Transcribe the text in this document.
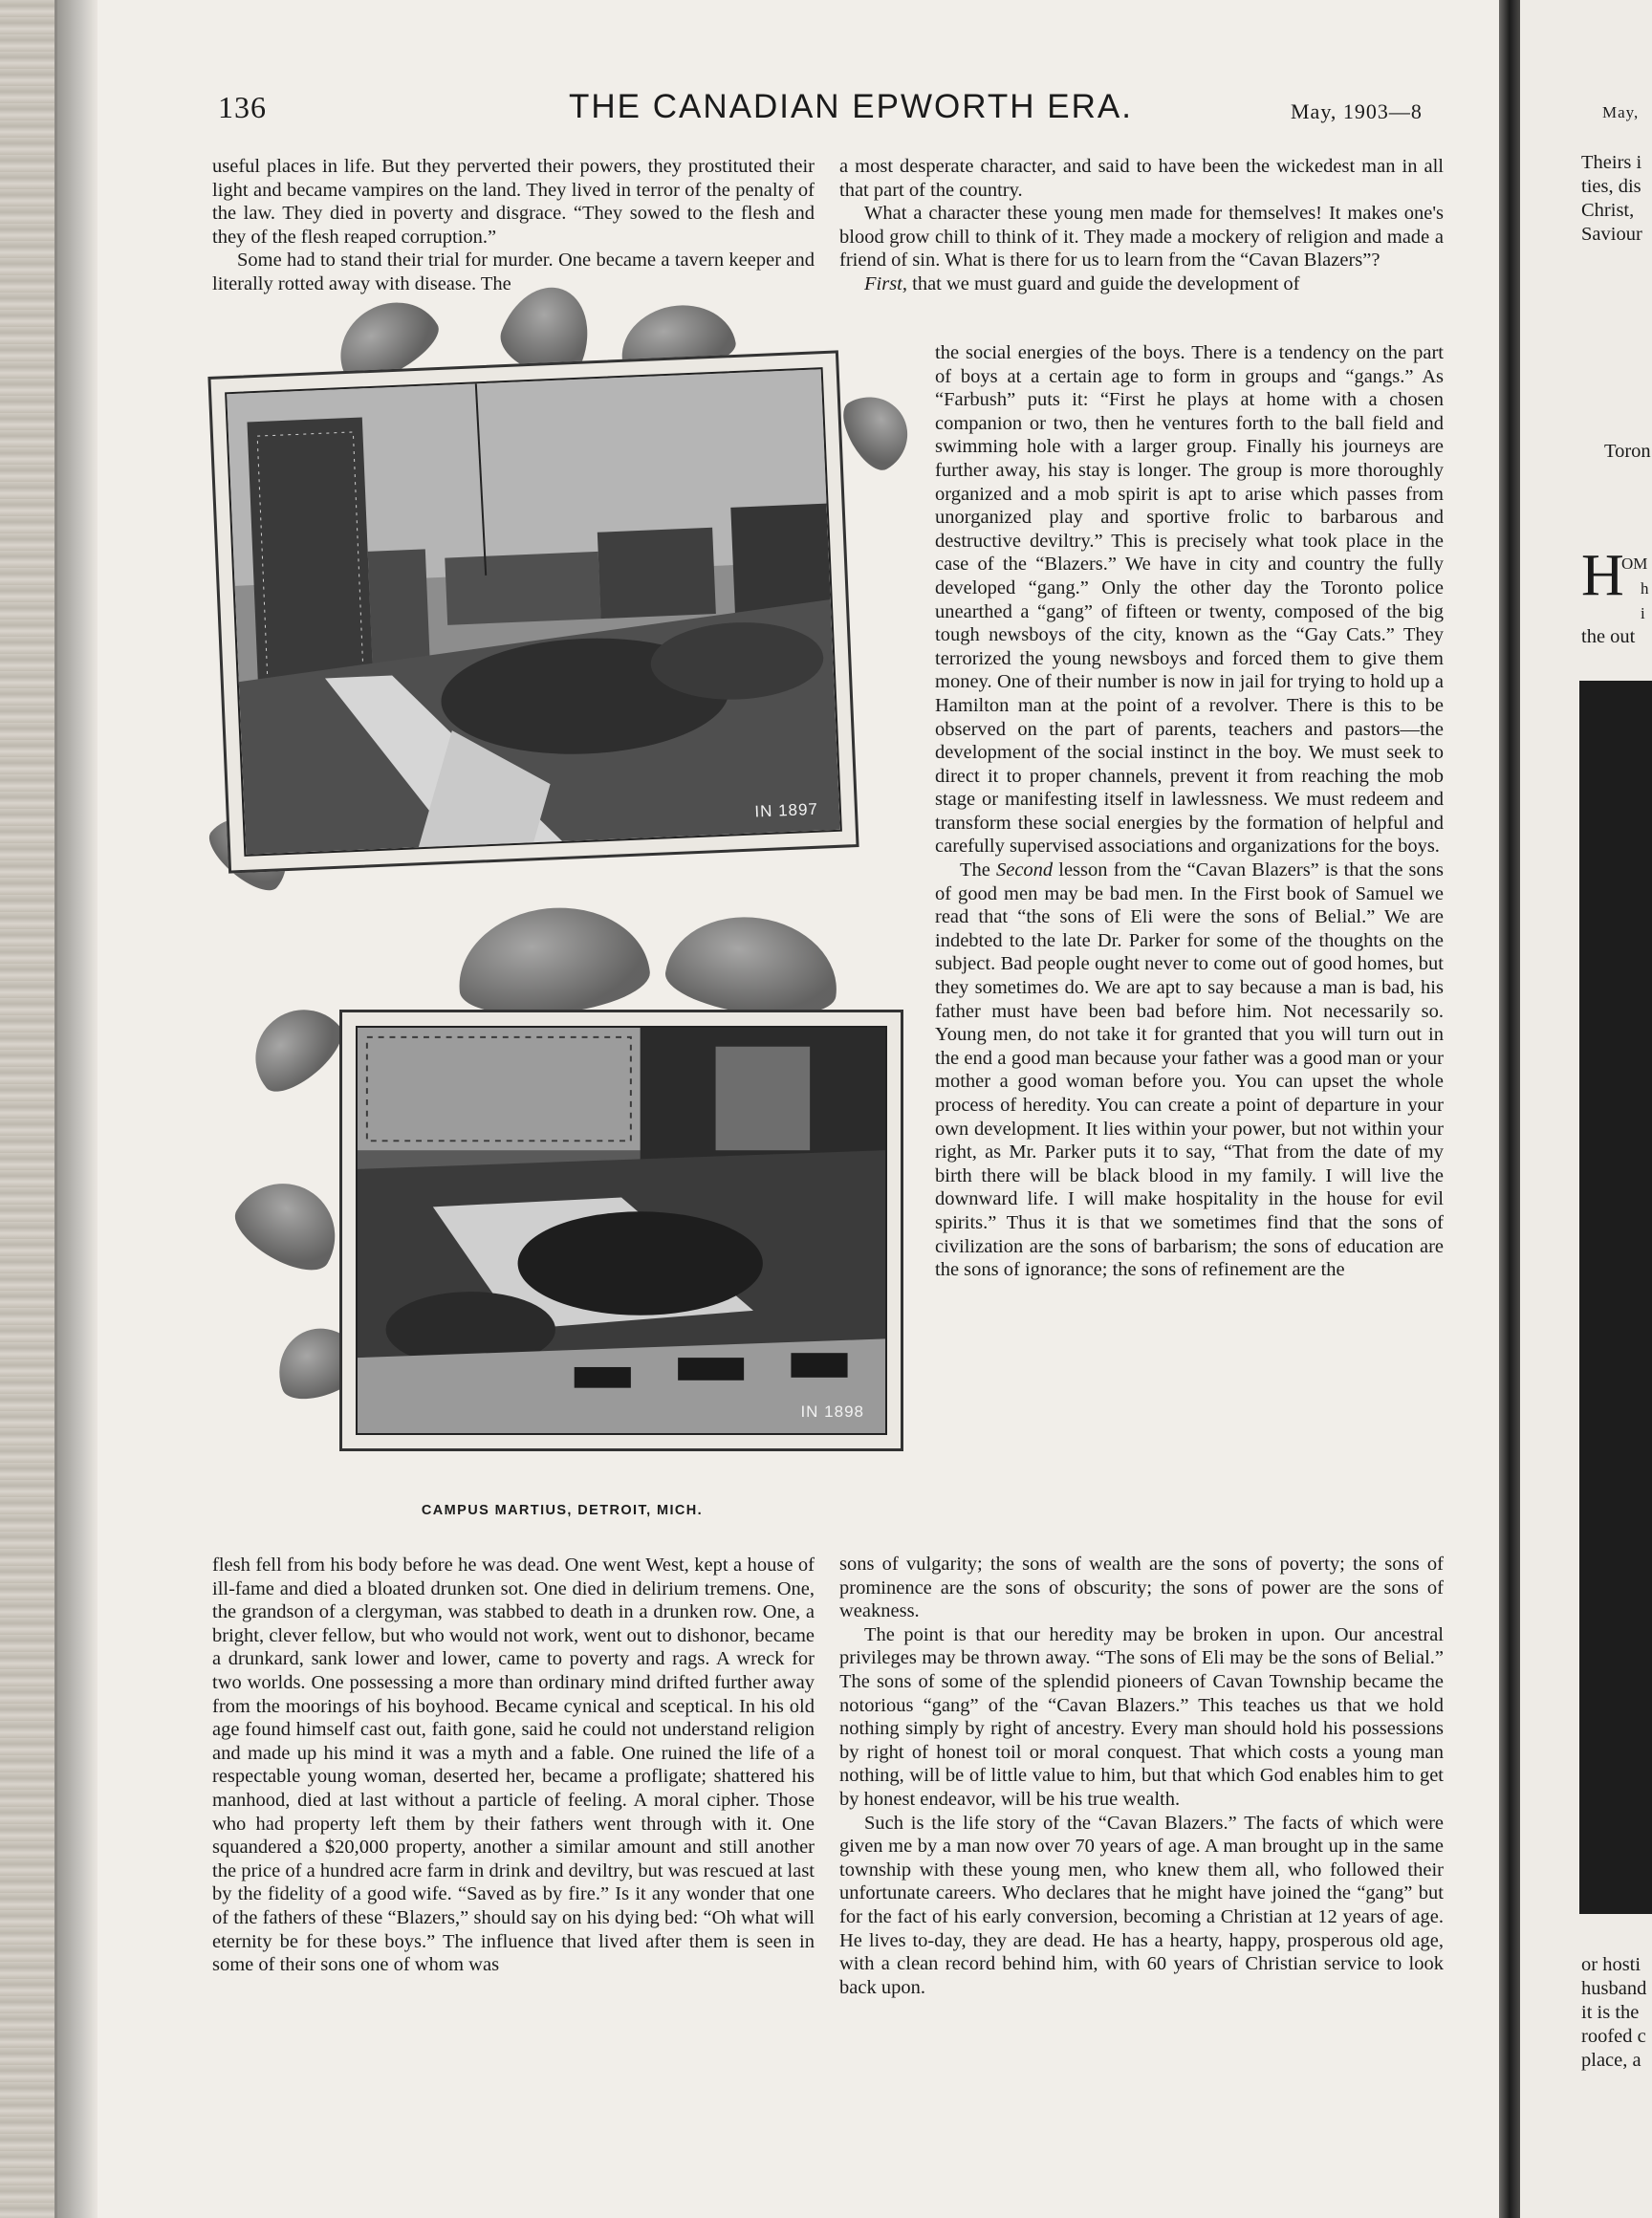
136	THE CANADIAN EPWORTH ERA.	May, 1903—8

useful places in life. But they perverted their powers, they prostituted their light and became vampires on the land. They lived in terror of the penalty of the law. They died in poverty and disgrace. “They sowed to the flesh and they of the flesh reaped corruption.”

Some had to stand their trial for murder. One became a tavern keeper and literally rotted away with disease. The

IN 1897
IN 1898
CAMPUS MARTIUS, DETROIT, MICH.

flesh fell from his body before he was dead. One went West, kept a house of ill-fame and died a bloated drunken sot. One died in delirium tremens. One, the grandson of a clergyman, was stabbed to death in a drunken row. One, a bright, clever fellow, but who would not work, went out to dishonor, became a drunkard, sank lower and lower, came to poverty and rags. A wreck for two worlds. One possessing a more than ordinary mind drifted further away from the moorings of his boyhood. Became cynical and sceptical. In his old age found himself cast out, faith gone, said he could not understand religion and made up his mind it was a myth and a fable. One ruined the life of a respectable young woman, deserted her, became a profligate; shattered his manhood, died at last without a particle of feeling. A moral cipher. Those who had property left them by their fathers went through with it. One squandered a $20,000 property, another a similar amount and still another the price of a hundred acre farm in drink and deviltry, but was rescued at last by the fidelity of a good wife. “Saved as by fire.” Is it any wonder that one of the fathers of these “Blazers,” should say on his dying bed: “Oh what will eternity be for these boys.” The influence that lived after them is seen in some of their sons one of whom was

a most desperate character, and said to have been the wickedest man in all that part of the country.

What a character these young men made for themselves! It makes one's blood grow chill to think of it. They made a mockery of religion and made a friend of sin. What is there for us to learn from the “Cavan Blazers”?

First, that we must guard and guide the development of

the social energies of the boys. There is a tendency on the part of boys at a certain age to form in groups and “gangs.” As “Farbush” puts it: “First he plays at home with a chosen companion or two, then he ventures forth to the ball field and swimming hole with a larger group. Finally his journeys are further away, his stay is longer. The group is more thoroughly organized and a mob spirit is apt to arise which passes from unorganized play and sportive frolic to barbarous and destructive deviltry.” This is precisely what took place in the case of the “Blazers.” We have in city and country the fully developed “gang.” Only the other day the Toronto police unearthed a “gang” of fifteen or twenty, composed of the big tough newsboys of the city, known as the “Gay Cats.” They terrorized the young newsboys and forced them to give them money. One of their number is now in jail for trying to hold up a Hamilton man at the point of a revolver. There is this to be observed on the part of parents, teachers and pastors—the development of the social instinct in the boy. We must seek to direct it to proper channels, prevent it from reaching the mob stage or manifesting itself in lawlessness. We must redeem and transform these social energies by the formation of helpful and carefully supervised associations and organizations for the boys.

The Second lesson from the “Cavan Blazers” is that the sons of good men may be bad men. In the First book of Samuel we read that “the sons of Eli were the sons of Belial.” We are indebted to the late Dr. Parker for some of the thoughts on the subject. Bad people ought never to come out of good homes, but they sometimes do. We are apt to say because a man is bad, his father must have been bad before him. Not necessarily so. Young men, do not take it for granted that you will turn out in the end a good man because your father was a good man or your mother a good woman before you. You can upset the whole process of heredity. You can create a point of departure in your own development. It lies within your power, but not within your right, as Mr. Parker puts it to say, “That from the date of my birth there will be black blood in my family. I will live the downward life. I will make hospitality in the house for evil spirits.” Thus it is that we sometimes find that the sons of civilization are the sons of barbarism; the sons of education are the sons of ignorance; the sons of refinement are the

sons of vulgarity; the sons of wealth are the sons of poverty; the sons of prominence are the sons of obscurity; the sons of power are the sons of weakness.

The point is that our heredity may be broken in upon. Our ancestral privileges may be thrown away. “The sons of Eli may be the sons of Belial.” The sons of some of the splendid pioneers of Cavan Township became the notorious “gang” of the “Cavan Blazers.” This teaches us that we hold nothing simply by right of ancestry. Every man should hold his possessions by right of honest toil or moral conquest. That which costs a young man nothing, will be of little value to him, but that which God enables him to get by honest endeavor, will be his true wealth.

Such is the life story of the “Cavan Blazers.” The facts of which were given me by a man now over 70 years of age. A man brought up in the same township with these young men, who knew them all, who followed their unfortunate careers. Who declares that he might have joined the “gang” but for the fact of his early conversion, becoming a Christian at 12 years of age. He lives to-day, they are dead. He has a hearty, happy, prosperous old age, with a clean record behind him, with 60 years of Christian service to look back upon.

May,
Theirs i
ties, dis
Christ,
Saviour
Toron
H
OM
h
i
the out
or hosti
husband
it is the
roofed c
place, a
